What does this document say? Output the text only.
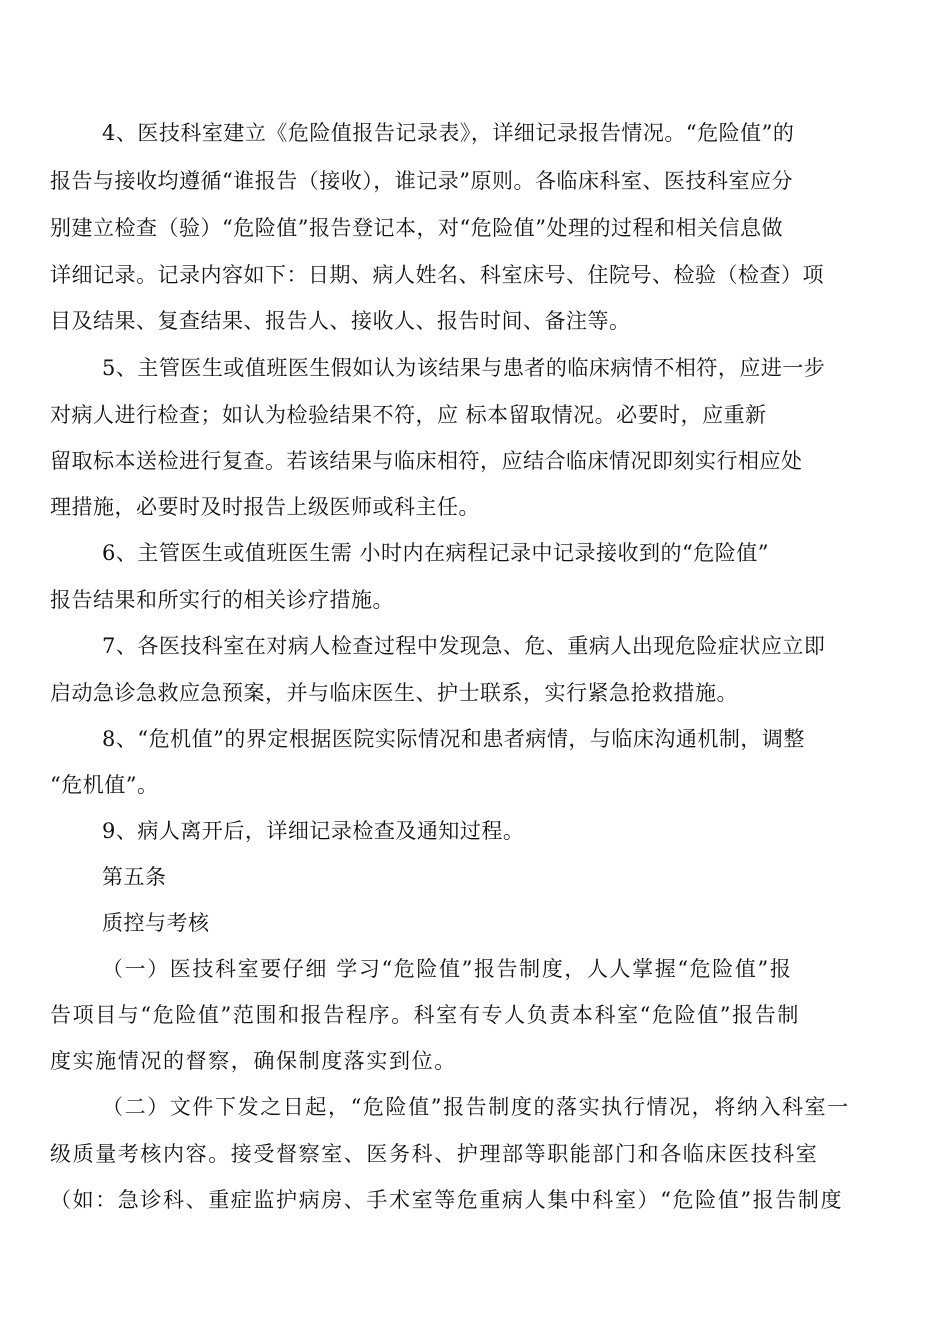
4、医技科室建立《危险值报告记录表》，详细记录报告情况。“危险值”的
报告与接收均遵循“谁报告（接收），谁记录”原则。各临床科室、医技科室应分
别建立检查（验）“危险值”报告登记本，对“危险值”处理的过程和相关信息做
详细记录。记录内容如下：日期、病人姓名、科室床号、住院号、检验（检查）项
目及结果、复查结果、报告人、接收人、报告时间、备注等。
5、主管医生或值班医生假如认为该结果与患者的临床病情不相符，应进一步
对病人进行检查；如认为检验结果不符，应 标本留取情况。必要时，应重新
留取标本送检进行复查。若该结果与临床相符，应结合临床情况即刻实行相应处
理措施，必要时及时报告上级医师或科主任。
6、主管医生或值班医生需 小时内在病程记录中记录接收到的“危险值”
报告结果和所实行的相关诊疗措施。
7、各医技科室在对病人检查过程中发现急、危、重病人出现危险症状应立即
启动急诊急救应急预案，并与临床医生、护士联系，实行紧急抢救措施。
8、“危机值”的界定根据医院实际情况和患者病情，与临床沟通机制，调整
“危机值”。
9、病人离开后，详细记录检查及通知过程。
第五条
质控与考核
（一）医技科室要仔细 学习“危险值”报告制度，人人掌握“危险值”报
告项目与“危险值”范围和报告程序。科室有专人负责本科室“危险值”报告制
度实施情况的督察，确保制度落实到位。
（二）文件下发之日起，“危险值”报告制度的落实执行情况，将纳入科室一
级质量考核内容。接受督察室、医务科、护理部等职能部门和各临床医技科室
（如：急诊科、重症监护病房、手术室等危重病人集中科室）“危险值”报告制度
